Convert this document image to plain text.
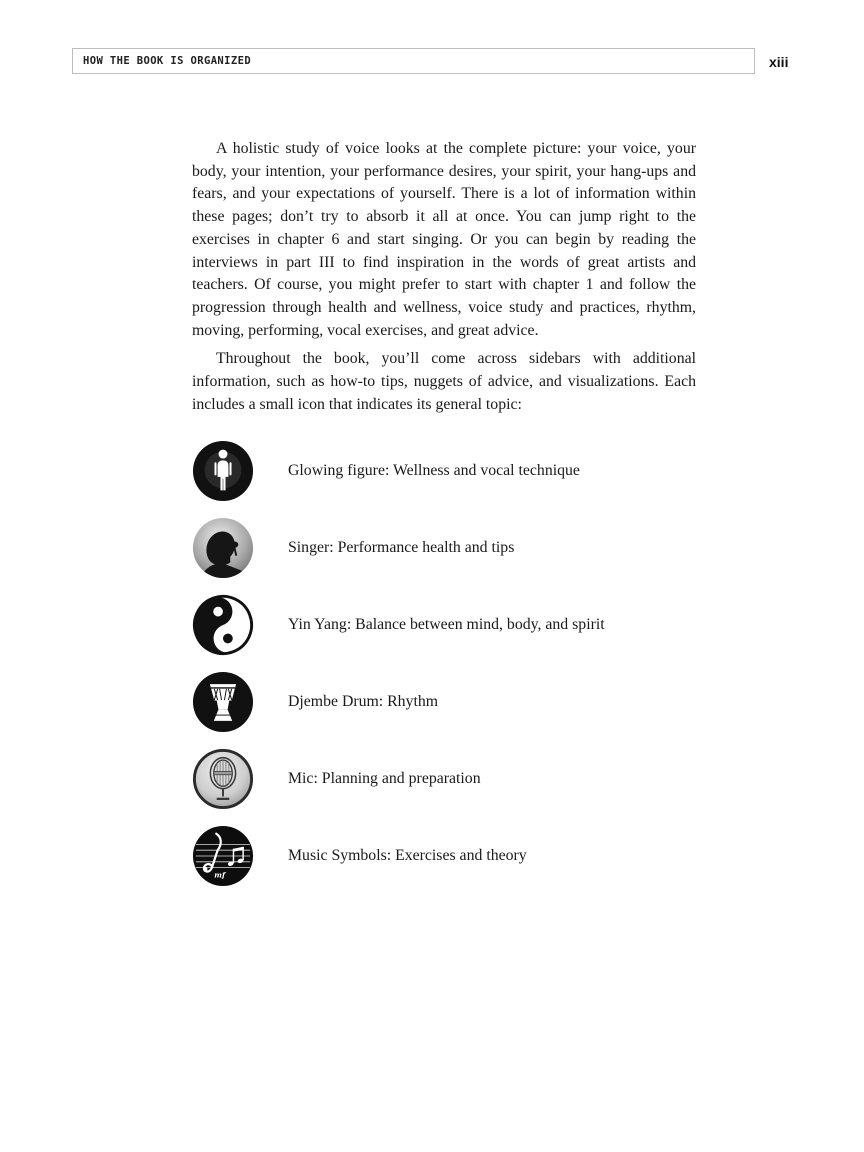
HOW THE BOOK IS ORGANIZED	xiii

A holistic study of voice looks at the complete picture: your voice, your body, your intention, your performance desires, your spirit, your hang-ups and fears, and your expectations of yourself. There is a lot of information within these pages; don’t try to absorb it all at once. You can jump right to the exercises in chapter 6 and start singing. Or you can begin by reading the interviews in part III to find inspiration in the words of great artists and teachers. Of course, you might prefer to start with chapter 1 and follow the progression through health and wellness, voice study and practices, rhythm, moving, performing, vocal exercises, and great advice.

Throughout the book, you’ll come across sidebars with additional information, such as how-to tips, nuggets of advice, and visualizations. Each includes a small icon that indicates its general topic:

Glowing figure: Wellness and vocal technique
Singer: Performance health and tips
Yin Yang: Balance between mind, body, and spirit
Djembe Drum: Rhythm
Mic: Planning and preparation
mf
Music Symbols: Exercises and theory
